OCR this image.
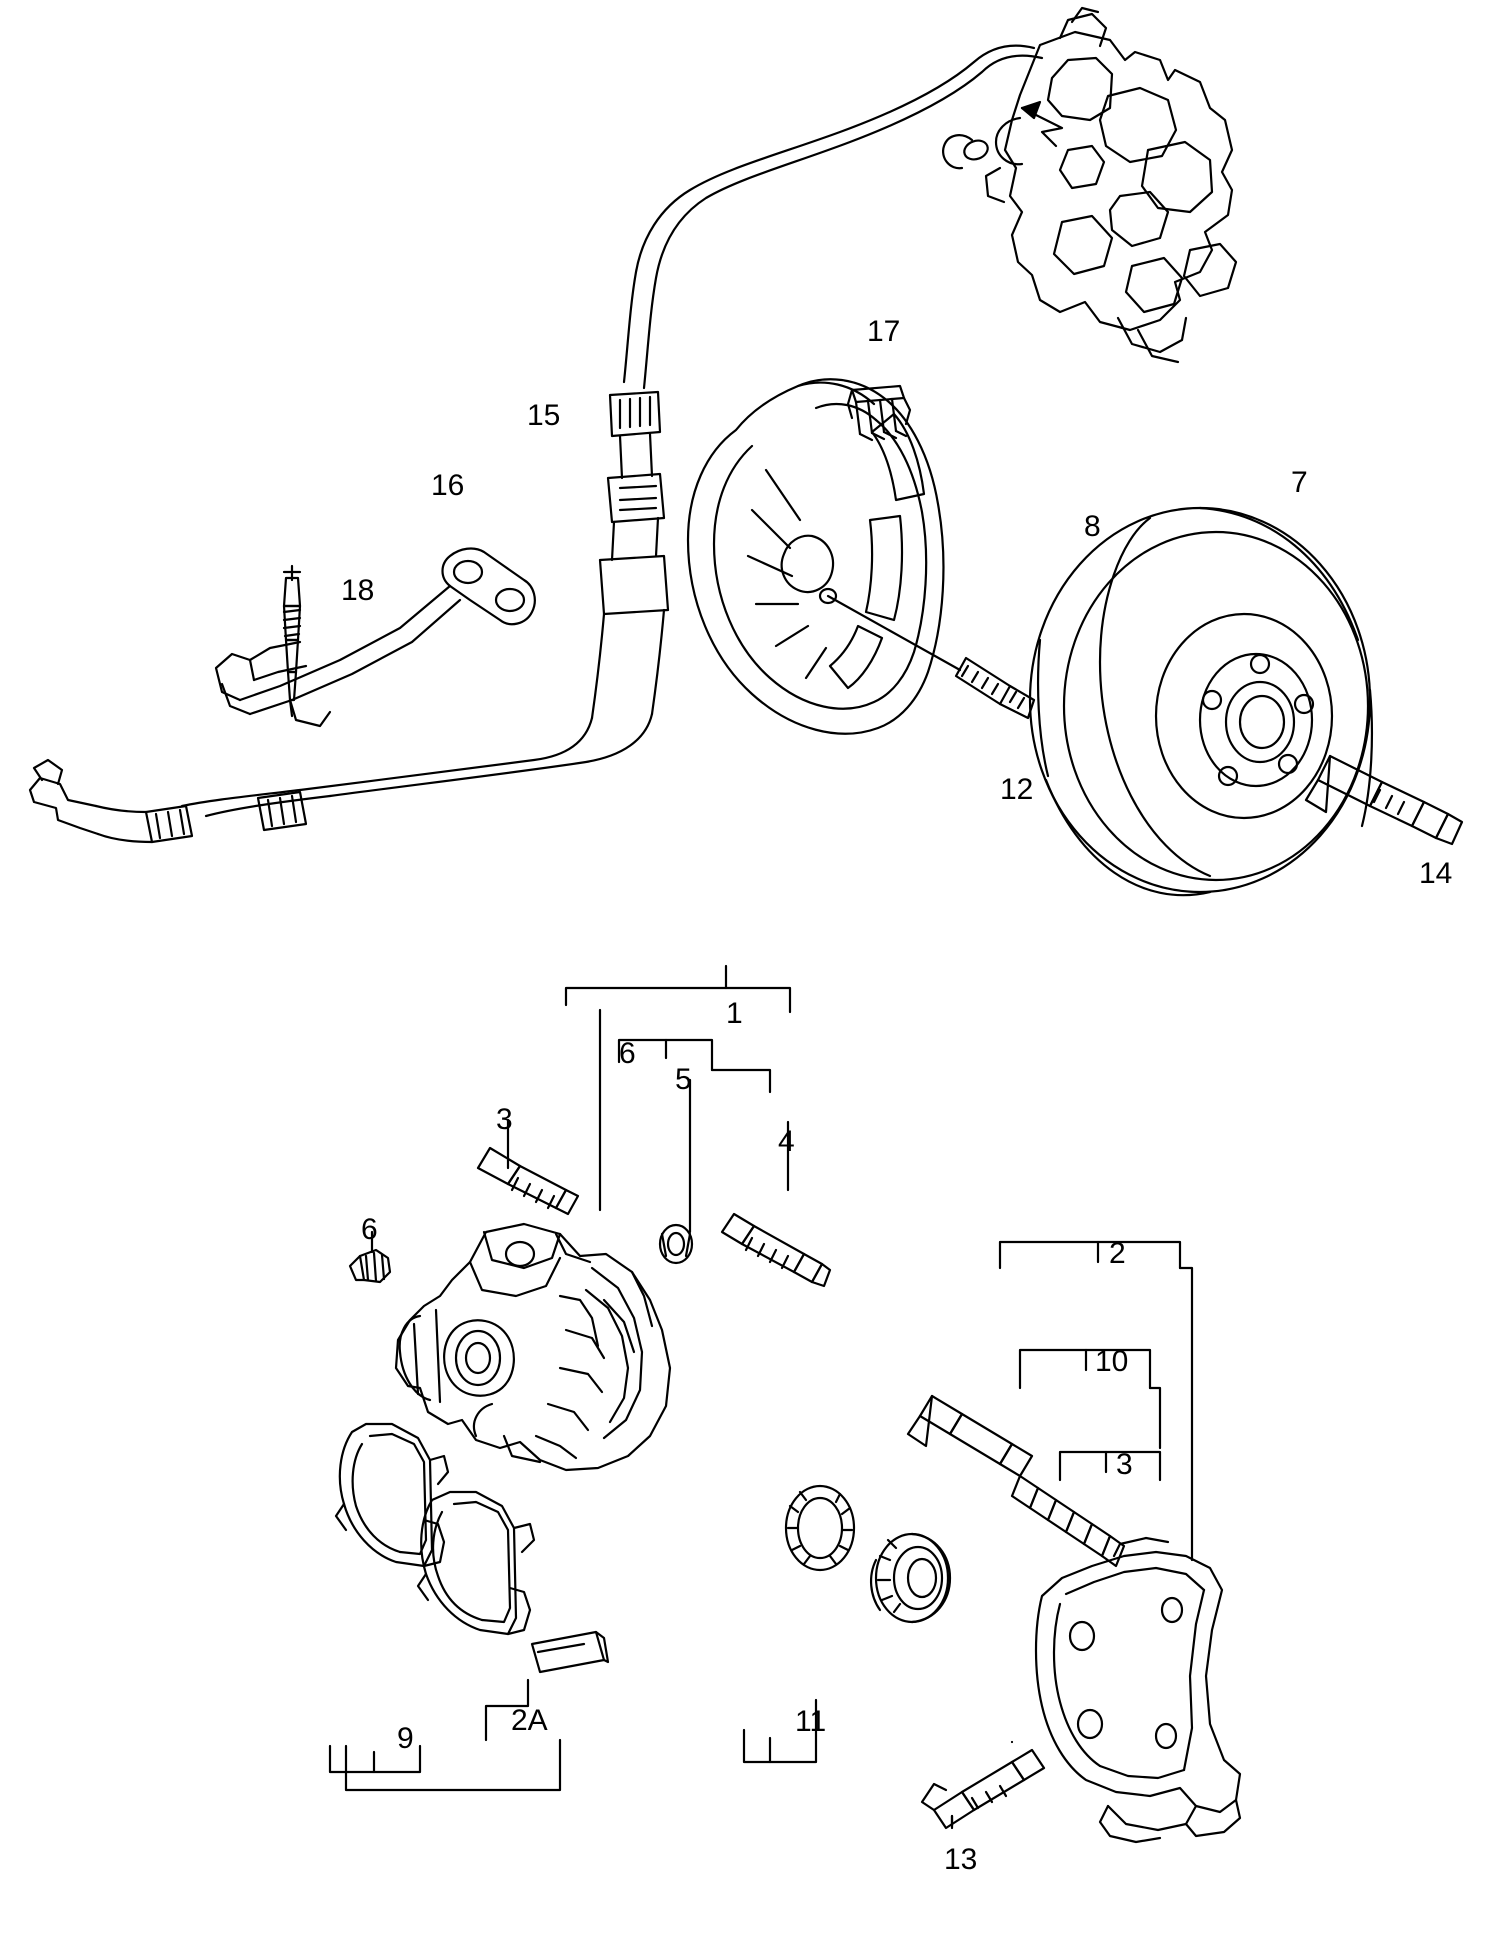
15
16
18
17
8
7
12
14
1
6
5
4
3
6
2
10
3
9
2A	11
13
